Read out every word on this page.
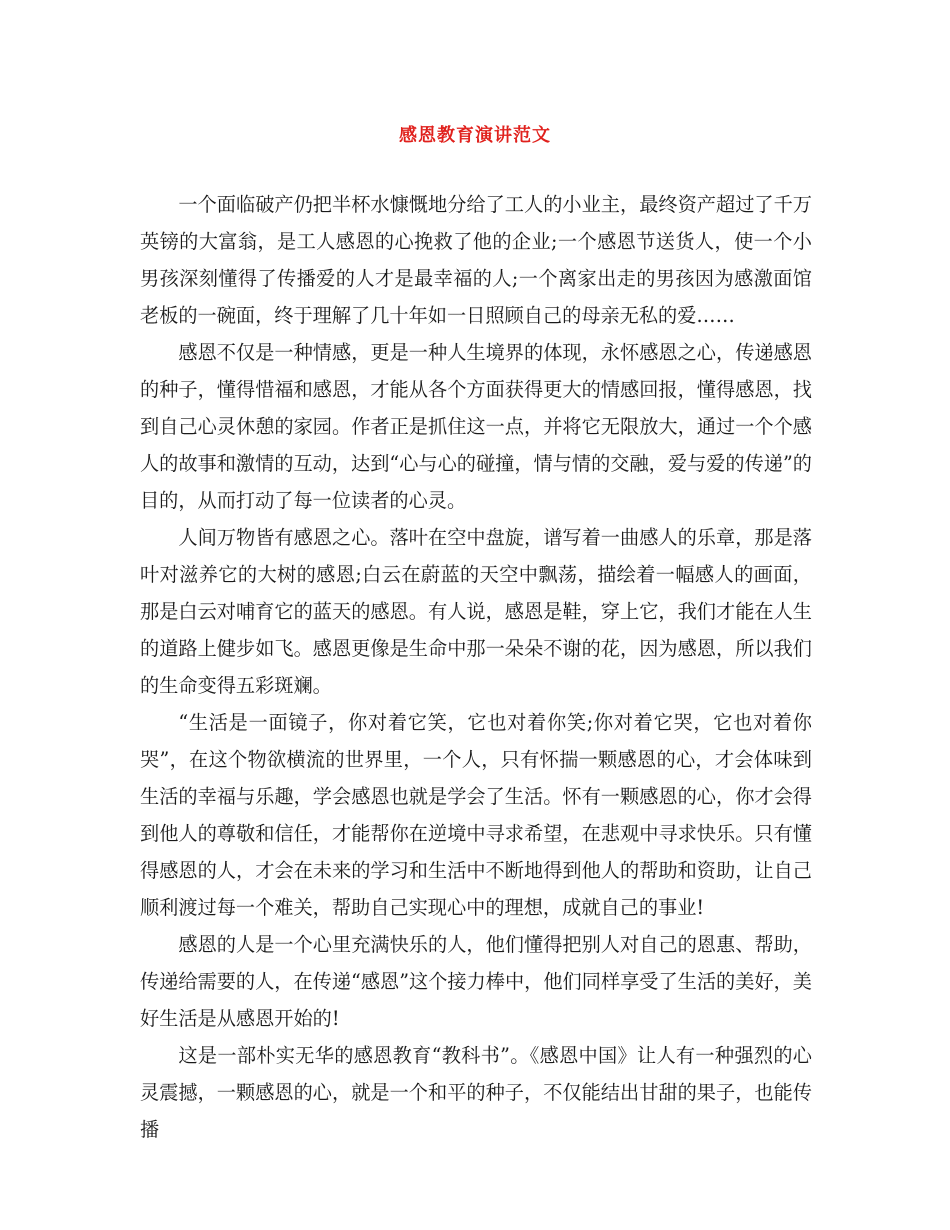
感恩教育演讲范文

一个面临破产仍把半杯水慷慨地分给了工人的小业主，最终资产超过了千万英镑的大富翁，是工人感恩的心挽救了他的企业;一个感恩节送货人，使一个小男孩深刻懂得了传播爱的人才是最幸福的人;一个离家出走的男孩因为感激面馆老板的一碗面，终于理解了几十年如一日照顾自己的母亲无私的爱……

感恩不仅是一种情感，更是一种人生境界的体现，永怀感恩之心，传递感恩的种子，懂得惜福和感恩，才能从各个方面获得更大的情感回报，懂得感恩，找到自己心灵休憩的家园。作者正是抓住这一点，并将它无限放大，通过一个个感人的故事和激情的互动，达到“心与心的碰撞，情与情的交融，爱与爱的传递”的目的，从而打动了每一位读者的心灵。

人间万物皆有感恩之心。落叶在空中盘旋，谱写着一曲感人的乐章，那是落叶对滋养它的大树的感恩;白云在蔚蓝的天空中飘荡，描绘着一幅感人的画面，那是白云对哺育它的蓝天的感恩。有人说，感恩是鞋，穿上它，我们才能在人生的道路上健步如飞。感恩更像是生命中那一朵朵不谢的花，因为感恩，所以我们的生命变得五彩斑斓。

“生活是一面镜子，你对着它笑，它也对着你笑;你对着它哭，它也对着你哭”，在这个物欲横流的世界里，一个人，只有怀揣一颗感恩的心，才会体味到生活的幸福与乐趣，学会感恩也就是学会了生活。怀有一颗感恩的心，你才会得到他人的尊敬和信任，才能帮你在逆境中寻求希望，在悲观中寻求快乐。只有懂得感恩的人，才会在未来的学习和生活中不断地得到他人的帮助和资助，让自己顺利渡过每一个难关，帮助自己实现心中的理想，成就自己的事业!

感恩的人是一个心里充满快乐的人，他们懂得把别人对自己的恩惠、帮助，传递给需要的人，在传递“感恩”这个接力棒中，他们同样享受了生活的美好，美好生活是从感恩开始的!

这是一部朴实无华的感恩教育“教科书”。《感恩中国》让人有一种强烈的心灵震撼，一颗感恩的心，就是一个和平的种子，不仅能结出甘甜的果子，也能传播
